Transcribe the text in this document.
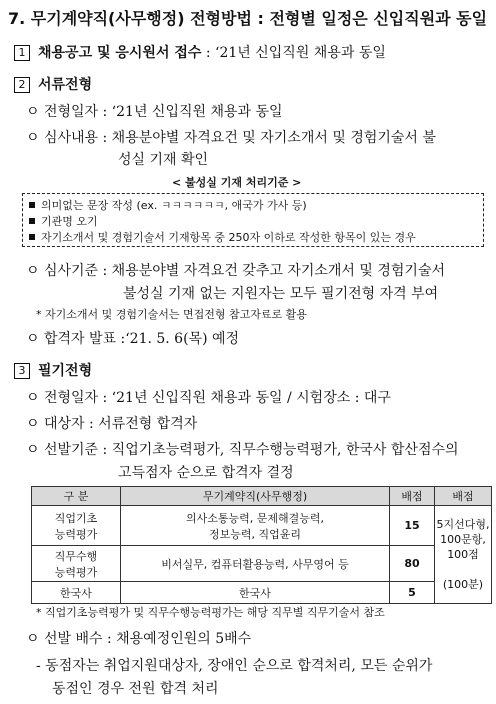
7. 무기계약직(사무행정) 전형방법 : 전형별 일정은 신입직원과 동일
1 채용공고 및 응시원서 접수 : ‘21년 신입직원 채용과 동일
2 서류전형
ㅇ 전형일자 : ‘21년 신입직원 채용과 동일
ㅇ 심사내용 : 채용분야별 자격요건 및 자기소개서 및 경험기술서 불
성실 기재 확인
< 불성실 기재 처리기준 >
의미없는 문장 작성 (ex. ㅋㅋㅋㅋㅋㅋ, 애국가 가사 등)
기관명 오기
자기소개서 및 경험기술서 기재항목 중 250자 이하로 작성한 항목이 있는 경우
ㅇ 심사기준 : 채용분야별 자격요건 갖추고 자기소개서 및 경험기술서
불성실 기재 없는 지원자는 모두 필기전형 자격 부여
* 자기소개서 및 경험기술서는 면접전형 참고자료로 활용
ㅇ 합격자 발표 :‘21. 5. 6(목) 예정
3 필기전형
ㅇ 전형일자 : ‘21년 신입직원 채용과 동일 / 시험장소 : 대구
ㅇ 대상자 : 서류전형 합격자
ㅇ 선발기준 : 직업기초능력평가, 직무수행능력평가, 한국사 합산점수의
고득점자 순으로 합격자 결정
구 분	무기계약직(사무행정)	배점	배점
직업기초
능력평가	의사소통능력, 문제해결능력,
정보능력, 직업윤리	15	5지선다형,
100문항,
100점

(100분)
직무수행
능력평가	비서실무, 컴퓨터활용능력, 사무영어 등	80	
한국사	한국사	5	
* 직업기초능력평가 및 직무수행능력평가는 해당 직무별 직무기술서 참조
ㅇ 선발 배수 : 채용예정인원의 5배수
- 동점자는 취업지원대상자, 장애인 순으로 합격처리, 모든 순위가
동점인 경우 전원 합격 처리
